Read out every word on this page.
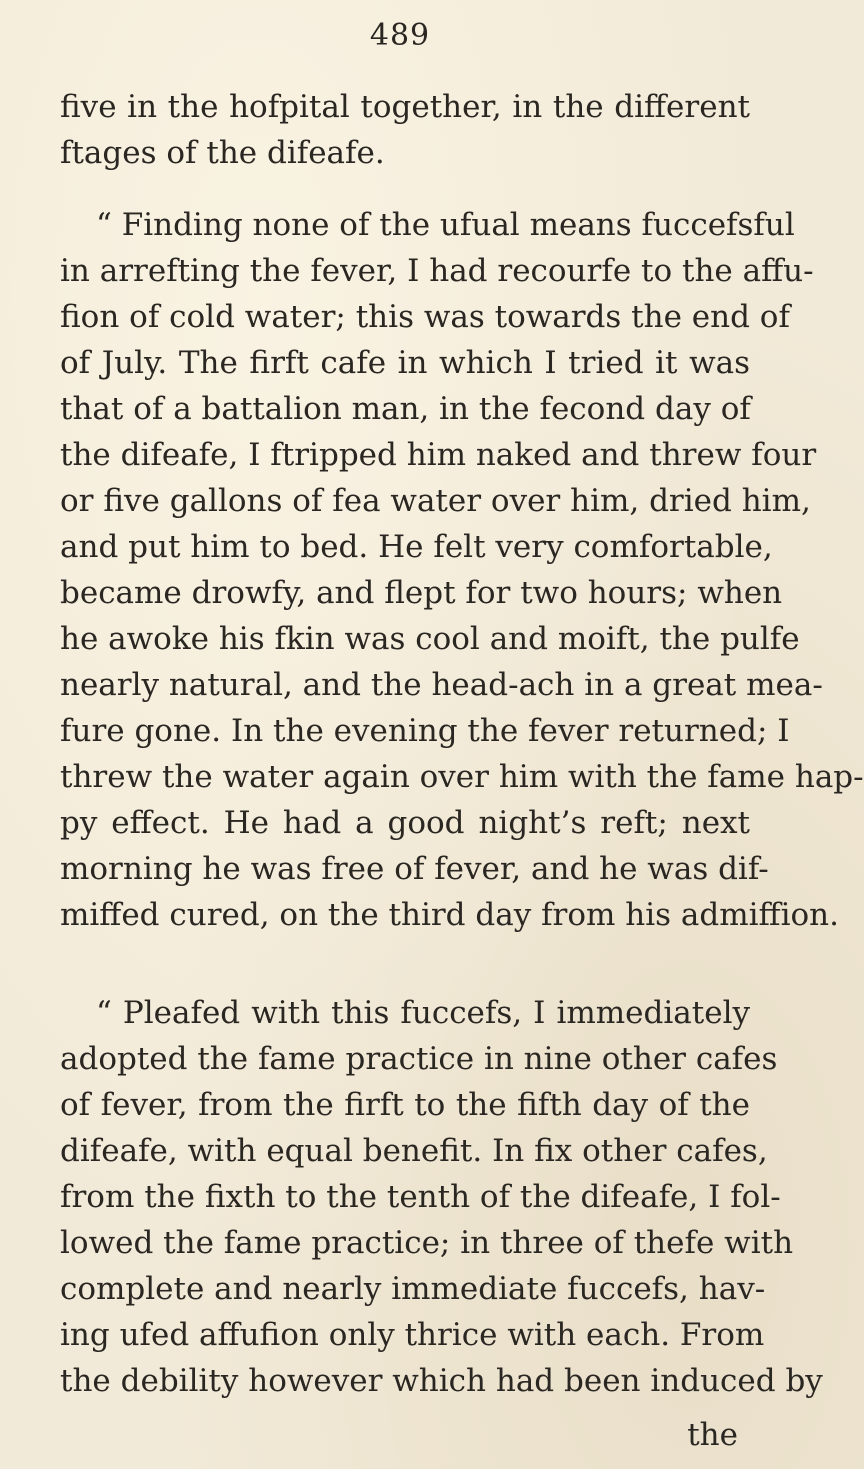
489
five in the hofpital together, in the different
ftages of the difeafe.
“ Finding none of the ufual means fuccefsful
in arrefting the fever, I had recourfe to the affu-
fion of cold water; this was towards the end of
of July. The firft cafe in which I tried it was
that of a battalion man, in the fecond day of
the difeafe, I ftripped him naked and threw four
or five gallons of fea water over him, dried him,
and put him to bed. He felt very comfortable,
became drowfy, and flept for two hours; when
he awoke his fkin was cool and moift, the pulfe
nearly natural, and the head-ach in a great mea-
fure gone. In the evening the fever returned; I
threw the water again over him with the fame hap-
py effect. He had a good night’s reft; next
morning he was free of fever, and he was dif-
miffed cured, on the third day from his admiffion.
“ Pleafed with this fuccefs, I immediately
adopted the fame practice in nine other cafes
of fever, from the firft to the fifth day of the
difeafe, with equal benefit. In fix other cafes,
from the fixth to the tenth of the difeafe, I fol-
lowed the fame practice; in three of thefe with
complete and nearly immediate fuccefs, hav-
ing ufed affufion only thrice with each. From
the debility however which had been induced by
the
